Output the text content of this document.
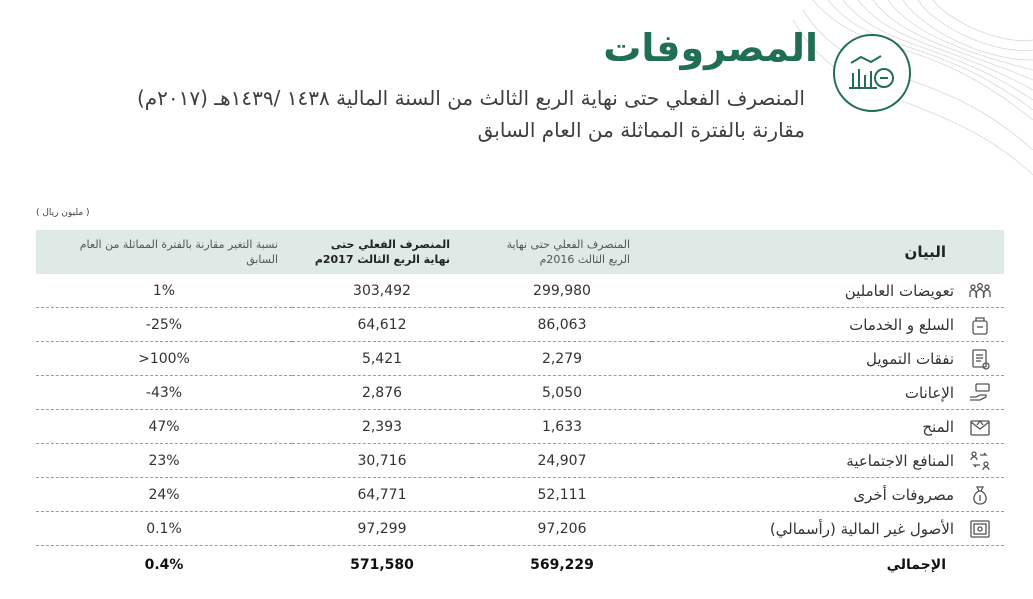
المصروفات
المنصرف الفعلي حتى نهاية الربع الثالث من السنة المالية ١٤٣٨ /١٤٣٩هـ (٢٠١٧م)
مقارنة بالفترة المماثلة من العام السابق
( مليون ريال )
البيان	المنصرف الفعلي حتى نهاية الربع الثالث 2016م	المنصرف الفعلي حتى نهاية الربع الثالث 2017م	نسبة التغير مقارنة بالفترة المماثلة من العام السابق

تعويضات العاملين	299,980	303,492	1%

السلع و الخدمات	86,063	64,612	-25%

نفقات التمويل	2,279	5,421	>100%

الإعانات	5,050	2,876	-43%

المنح	1,633	2,393	47%

المنافع الاجتماعية	24,907	30,716	23%

مصروفات أخرى	52,111	64,771	24%

الأصول غير المالية (رأسمالي)	97,206	97,299	0.1%
الإجمالي	569,229	571,580	0.4%
